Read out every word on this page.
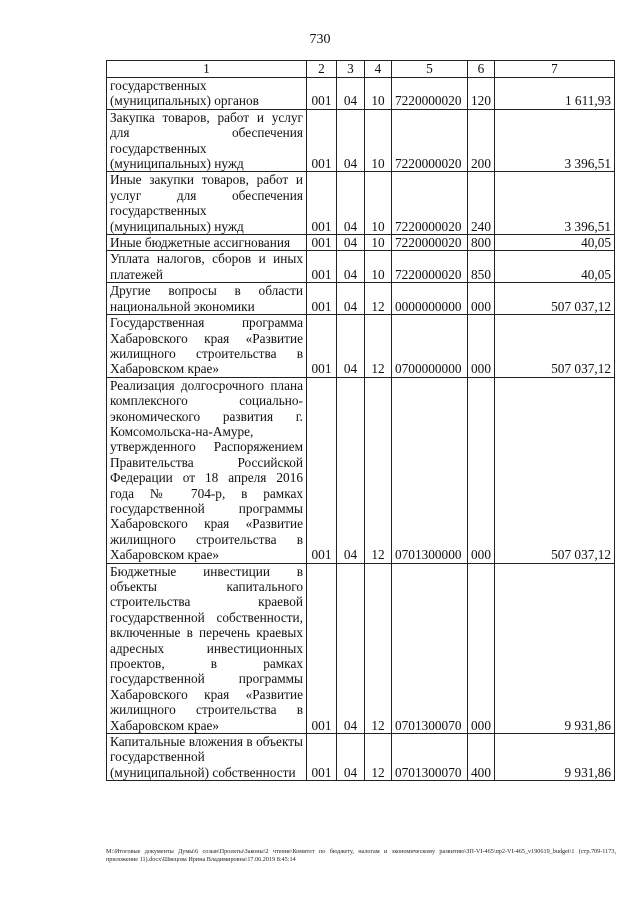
730
1	2	3	4	5	6	7
государственных (муниципальных) органов	001	04	10	7220000020	120	1 611,93
Закупка товаров, работ и услуг для обеспечения государственных (муниципальных) нужд	001	04	10	7220000020	200	3 396,51
Иные закупки товаров, работ и услуг для обеспечения государственных (муниципальных) нужд	001	04	10	7220000020	240	3 396,51
Иные бюджетные ассигнования	001	04	10	7220000020	800	40,05
Уплата налогов, сборов и иных платежей	001	04	10	7220000020	850	40,05
Другие вопросы в области национальной экономики	001	04	12	0000000000	000	507 037,12
Государственная программа Хабаровского края «Развитие жилищного строительства в Хабаровском крае»	001	04	12	0700000000	000	507 037,12
Реализация долгосрочного плана комплексного социально-экономического развития г. Комсомольска-на-Амуре, утвержденного Распоряжением Правительства Российской Федерации от 18 апреля 2016 года № 704-р, в рамках государственной программы Хабаровского края «Развитие жилищного строительства в Хабаровском крае»	001	04	12	0701300000	000	507 037,12
Бюджетные инвестиции в объекты капитального строительства краевой государственной собственности, включенные в перечень краевых адресных инвестиционных проектов, в рамках государственной программы Хабаровского края «Развитие жилищного строительства в Хабаровском крае»	001	04	12	0701300070	000	9 931,86
Капитальные вложения в объекты государственной (муниципальной) собственности	001	04	12	0701300070	400	9 931,86
M:\Итоговые документы Думы\6 созыв\Проекты\Законы\2 чтение\Комитет по бюджету, налогам и экономическому развитию\ЗП-VI-465\пр2-VI-465_v190619_budget\1 (стр.709-1173, приложение 11).docx\Швецова Ирина Владимировна\17.06.2019 8:45:14
